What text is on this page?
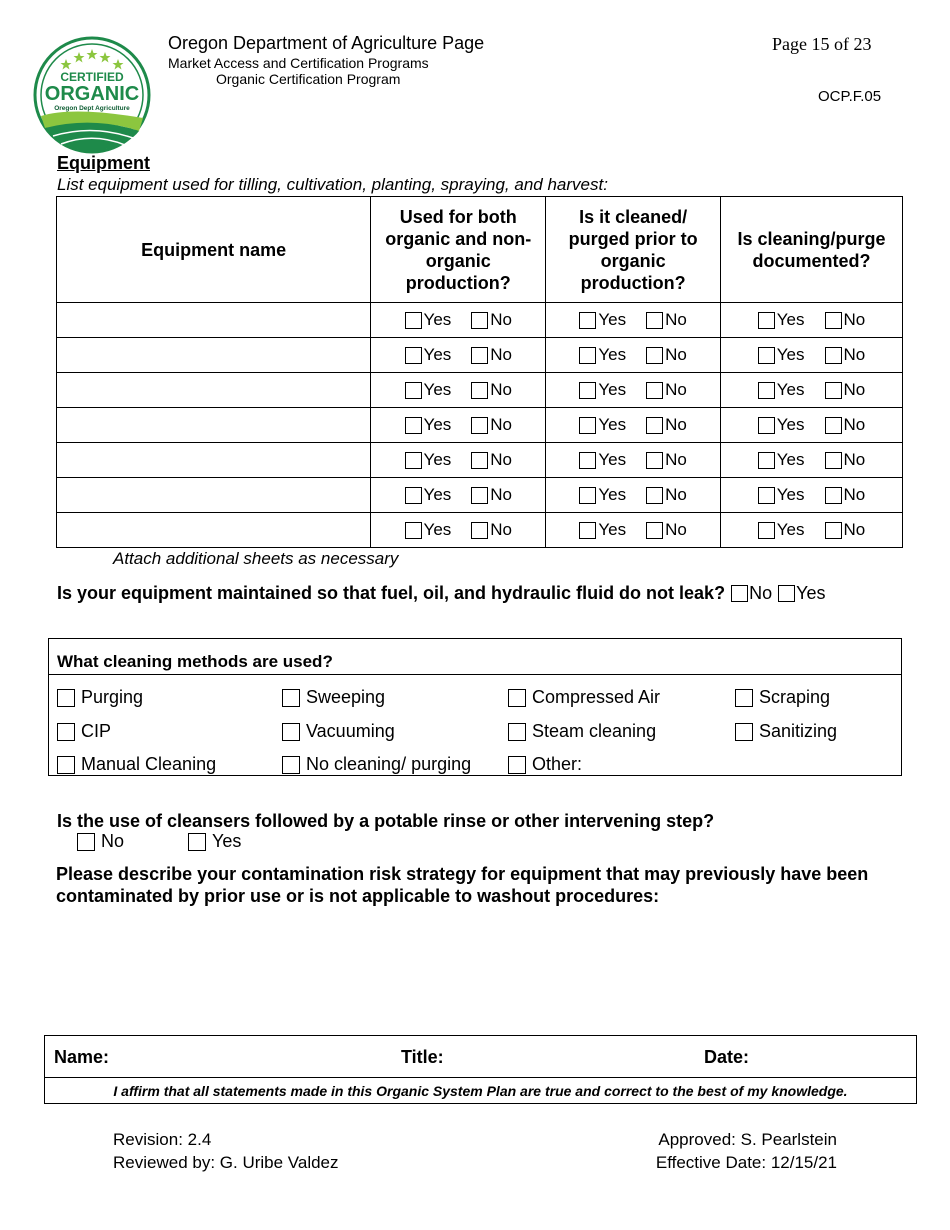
CERTIFIED
ORGANIC
Oregon Dept Agriculture
Oregon Department of Agriculture Page
Market Access and Certification Programs
Organic Certification Program
Page 15 of 23
OCP.F.05
Equipment
List equipment used for tilling, cultivation, planting, spraying, and harvest:
Equipment name	Used for both organic and non-organic production?	Is it cleaned/ purged prior to organic production?	Is cleaning/purge documented?

	Yes No	Yes No	Yes No

	Yes No	Yes No	Yes No

	Yes No	Yes No	Yes No

	Yes No	Yes No	Yes No

	Yes No	Yes No	Yes No

	Yes No	Yes No	Yes No

	Yes No	Yes No	Yes No
Attach additional sheets as necessary
Is your equipment maintained so that fuel, oil, and hydraulic fluid do not leak? No Yes
What cleaning methods are used?
Purging	Sweeping	Compressed Air	Scraping
CIP	Vacuuming	Steam cleaning	Sanitizing
Manual Cleaning	No cleaning/ purging	Other:
Is the use of cleansers followed by a potable rinse or other intervening step?
No	Yes
Please describe your contamination risk strategy for equipment that may previously have been contaminated by prior use or is not applicable to washout procedures:
Name:	Title:	Date:
I affirm that all statements made in this Organic System Plan are true and correct to the best of my knowledge.
Revision: 2.4
Reviewed by: G. Uribe Valdez
Approved: S. Pearlstein
Effective Date: 12/15/21
